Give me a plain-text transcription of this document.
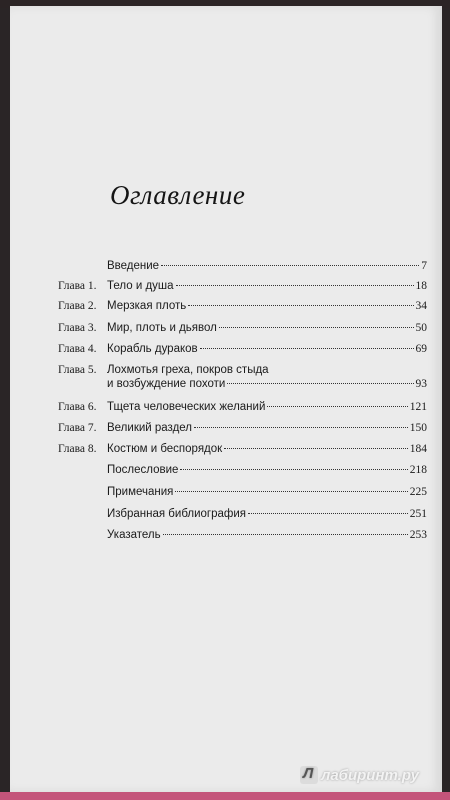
Оглавление
Введение	7
Глава 1. Тело и душа	18
Глава 2. Мерзкая плоть	34
Глава 3. Мир, плоть и дьявол	50
Глава 4. Корабль дураков	69
Глава 5. Лохмотья греха, покров стыда
и возбуждение похоти	93
Глава 6. Тщета человеческих желаний	121
Глава 7. Великий раздел	150
Глава 8. Костюм и беспорядок	184
Послесловие	218
Примечания	225
Избранная библиография	251
Указатель	253
Л
лабиринт.ру
